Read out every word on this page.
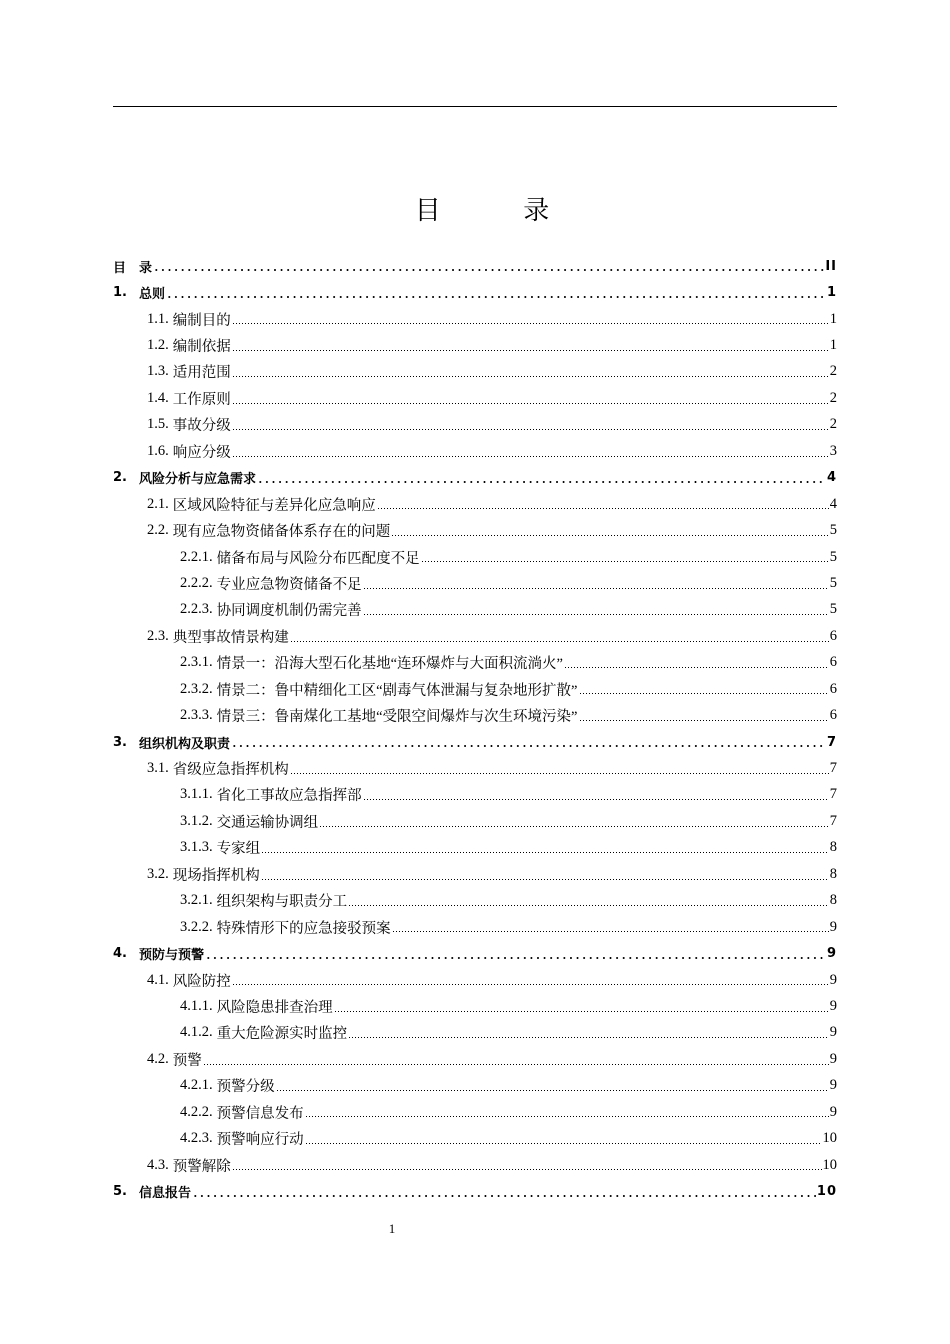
目  录
目 录	II
1. 总则	1
1.1. 编制目的	1
1.2. 编制依据	1
1.3. 适用范围	2
1.4. 工作原则	2
1.5. 事故分级	2
1.6. 响应分级	3
2. 风险分析与应急需求	4
2.1. 区域风险特征与差异化应急响应	4
2.2. 现有应急物资储备体系存在的问题	5
2.2.1. 储备布局与风险分布匹配度不足	5
2.2.2. 专业应急物资储备不足	5
2.2.3. 协同调度机制仍需完善	5
2.3. 典型事故情景构建	6
2.3.1. 情景一：沿海大型石化基地“连环爆炸与大面积流淌火”	6
2.3.2. 情景二：鲁中精细化工区“剧毒气体泄漏与复杂地形扩散”	6
2.3.3. 情景三：鲁南煤化工基地“受限空间爆炸与次生环境污染”	6
3. 组织机构及职责	7
3.1. 省级应急指挥机构	7
3.1.1. 省化工事故应急指挥部	7
3.1.2. 交通运输协调组	7
3.1.3. 专家组	8
3.2. 现场指挥机构	8
3.2.1. 组织架构与职责分工	8
3.2.2. 特殊情形下的应急接驳预案	9
4. 预防与预警	9
4.1. 风险防控	9
4.1.1. 风险隐患排查治理	9
4.1.2. 重大危险源实时监控	9
4.2. 预警	9
4.2.1. 预警分级	9
4.2.2. 预警信息发布	9
4.2.3. 预警响应行动	10
4.3. 预警解除	10
5. 信息报告	10
1
